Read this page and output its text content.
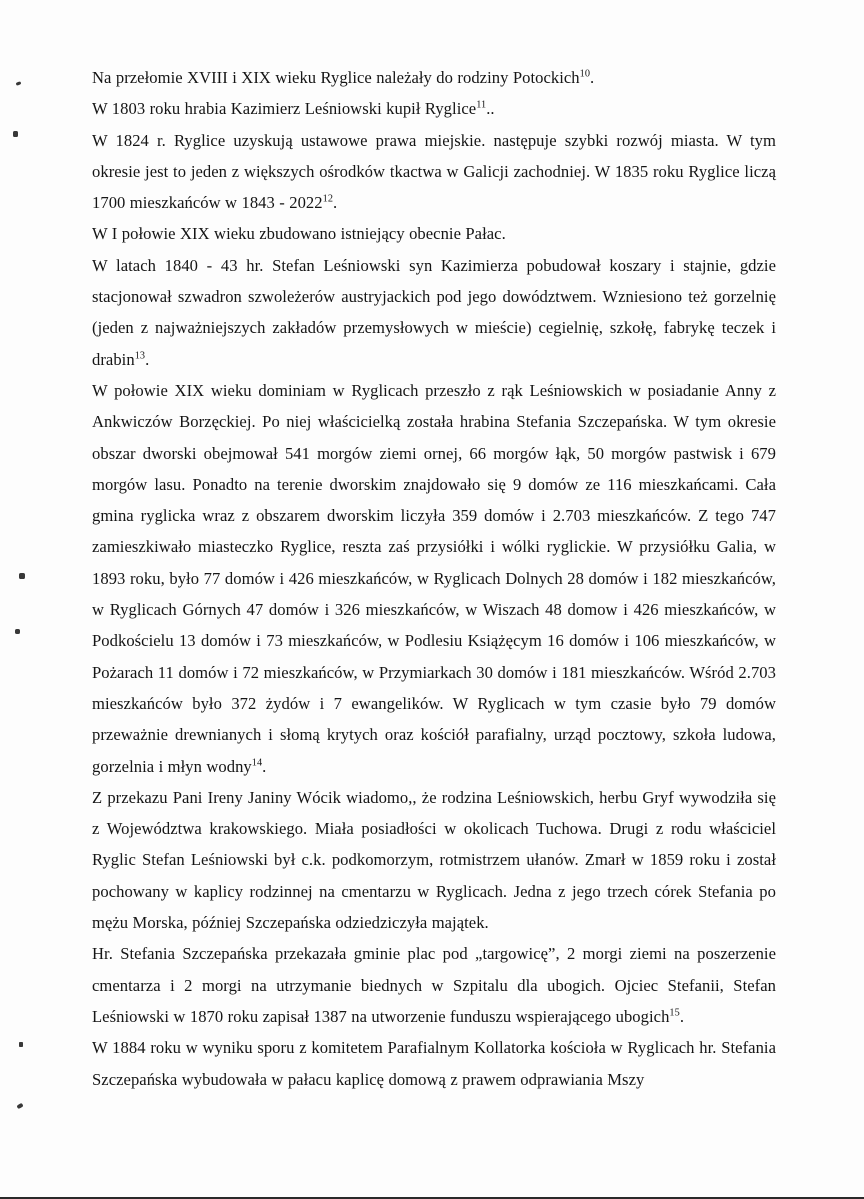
Na przełomie XVIII i XIX wieku Ryglice należały do rodziny Potockich$^{10}$.

W 1803 roku hrabia Kazimierz Leśniowski kupił Ryglice$^{11}$..

W 1824 r. Ryglice uzyskują ustawowe prawa miejskie. następuje szybki rozwój miasta. W tym okresie jest to jeden z większych ośrodków tkactwa w Galicji zachodniej. W 1835 roku Ryglice liczą 1700 mieszkańców w 1843 - 2022$^{12}$.

W I połowie XIX wieku zbudowano istniejący obecnie Pałac.

W latach 1840 - 43 hr. Stefan Leśniowski syn Kazimierza pobudował koszary i stajnie, gdzie stacjonował szwadron szwoleżerów austryjackich pod jego dowództwem. Wzniesiono też gorzelnię (jeden z najważniejszych zakładów przemysłowych w mieście) cegielnię, szkołę, fabrykę teczek i drabin$^{13}$.

W połowie XIX wieku dominiam w Ryglicach przeszło z rąk Leśniowskich w posiadanie Anny z Ankwiczów Borzęckiej. Po niej właścicielką została hrabina Stefania Szczepańska. W tym okresie obszar dworski obejmował 541 morgów ziemi ornej, 66 morgów łąk, 50 morgów pastwisk i 679 morgów lasu. Ponadto na terenie dworskim znajdowało się 9 domów ze 116 mieszkańcami. Cała gmina ryglicka wraz z obszarem dworskim liczyła 359 domów i 2.703 mieszkańców. Z tego 747 zamieszkiwało miasteczko Ryglice, reszta zaś przysiółki i wólki ryglickie. W przysiółku Galia, w 1893 roku, było 77 domów i 426 mieszkańców, w Ryglicach Dolnych 28 domów i 182 mieszkańców, w Ryglicach Górnych 47 domów i 326 mieszkańców, w Wiszach 48 domow i 426 mieszkańców, w Podkościelu 13 domów i 73 mieszkańców, w Podlesiu Książęcym 16 domów i 106 mieszkańców, w Pożarach 11 domów i 72 mieszkańców, w Przymiarkach 30 domów i 181 mieszkańców. Wśród 2.703 mieszkańców było 372 żydów i 7 ewangelików. W Ryglicach w tym czasie było 79 domów przeważnie drewnianych i słomą krytych oraz kościół parafialny, urząd pocztowy, szkoła ludowa, gorzelnia i młyn wodny$^{14}$.

Z przekazu Pani Ireny Janiny Wócik wiadomo,, że rodzina Leśniowskich, herbu Gryf wywodziła się z Województwa krakowskiego. Miała posiadłości w okolicach Tuchowa. Drugi z rodu właściciel Ryglic Stefan Leśniowski był c.k. podkomorzym, rotmistrzem ułanów. Zmarł w 1859 roku i został pochowany w kaplicy rodzinnej na cmentarzu w Ryglicach. Jedna z jego trzech córek Stefania po mężu Morska, później Szczepańska odziedziczyła majątek.

Hr. Stefania Szczepańska przekazała gminie plac pod „targowicę”, 2 morgi ziemi na poszerzenie cmentarza i 2 morgi na utrzymanie biednych w Szpitalu dla ubogich. Ojciec Stefanii, Stefan Leśniowski w 1870 roku zapisał 1387 na utworzenie funduszu wspierającego ubogich$^{15}$.

W 1884 roku w wyniku sporu z komitetem Parafialnym Kollatorka kościoła w Ryglicach hr. Stefania Szczepańska wybudowała w pałacu kaplicę domową z prawem odprawiania Mszy
